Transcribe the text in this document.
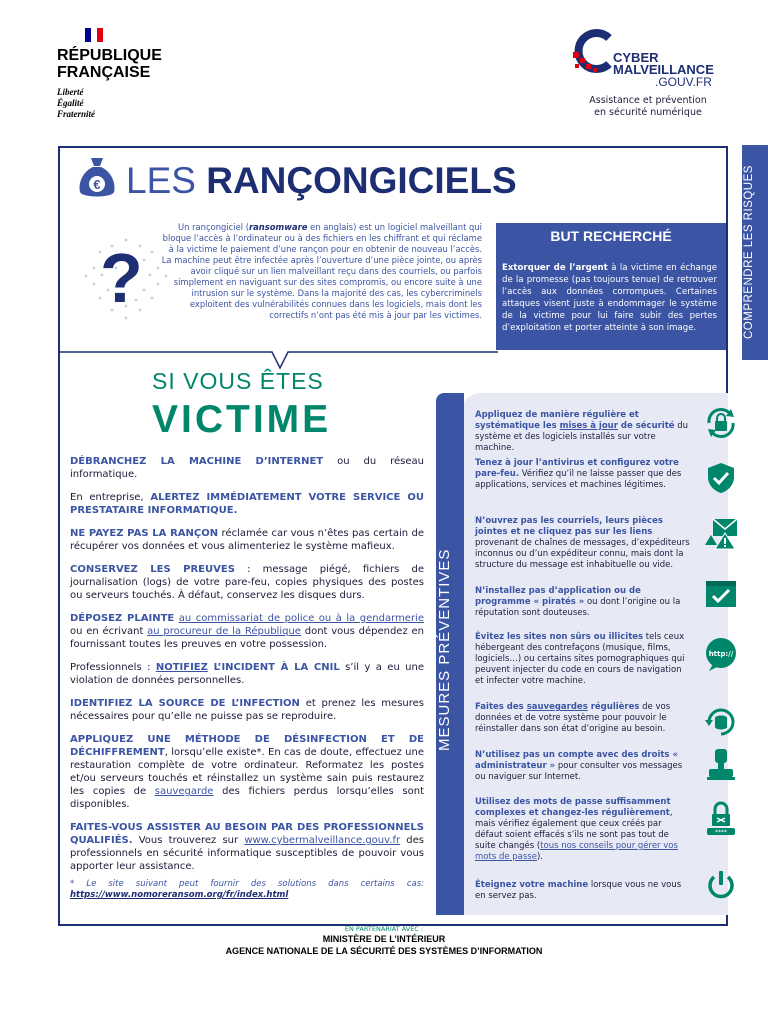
RÉPUBLIQUE
FRANÇAISE
Liberté
Égalité
Fraternité
CYBER
MALVEILLANCE
.GOUV.FR
Assistance et prévention
en sécurité numérique
COMPRENDRE LES RISQUES
€ LES RANÇONGICIELS
?
Un rançongiciel (ransomware en anglais) est un logiciel malveillant qui bloque l’accès à l’ordinateur ou à des fichiers en les chiffrant et qui réclame à la victime le paiement d’une rançon pour en obtenir de nouveau l’accès. La machine peut être infectée après l’ouverture d’une pièce jointe, ou après avoir cliqué sur un lien malveillant reçu dans des courriels, ou parfois simplement en naviguant sur des sites compromis, ou encore suite à une intrusion sur le système. Dans la majorité des cas, les cybercriminels exploitent des vulnérabilités connues dans les logiciels, mais dont les correctifs n’ont pas été mis à jour par les victimes.
BUT RECHERCHÉ
Extorquer de l’argent à la victime en échange de la promesse (pas toujours tenue) de retrouver l’accès aux données corrompues. Certaines attaques visent juste à endommager le système de la victime pour lui faire subir des pertes d’exploitation et porter atteinte à son image.
SI VOUS ÊTES
VICTIME

DÉBRANCHEZ LA MACHINE D’INTERNET ou du réseau informatique.

En entreprise, ALERTEZ IMMÉDIATEMENT VOTRE SERVICE OU PRESTATAIRE INFORMATIQUE.

NE PAYEZ PAS LA RANÇON réclamée car vous n’êtes pas certain de récupérer vos données et vous alimenteriez le système mafieux.

CONSERVEZ LES PREUVES : message piégé, fichiers de journalisation (logs) de votre pare-feu, copies physiques des postes ou serveurs touchés. À défaut, conservez les disques durs.

DÉPOSEZ PLAINTE au commissariat de police ou à la gendarmerie ou en écrivant au procureur de la République dont vous dépendez en fournissant toutes les preuves en votre possession.

Professionnels : NOTIFIEZ L’INCIDENT À LA CNIL s’il y a eu une violation de données personnelles.

IDENTIFIEZ LA SOURCE DE L’INFECTION et prenez les mesures nécessaires pour qu’elle ne puisse pas se reproduire.

APPLIQUEZ UNE MÉTHODE DE DÉSINFECTION ET DE DÉCHIFFREMENT, lorsqu’elle existe*. En cas de doute, effectuez une restauration complète de votre ordinateur. Reformatez les postes et/ou serveurs touchés et réinstallez un système sain puis restaurez les copies de sauvegarde des fichiers perdus lorsqu’elles sont disponibles.

FAITES-VOUS ASSISTER AU BESOIN PAR DES PROFESSIONNELS QUALIFIÉS. Vous trouverez sur www.cybermalveillance.gouv.fr des professionnels en sécurité informatique susceptibles de pouvoir vous apporter leur assistance.

* Le site suivant peut fournir des solutions dans certains cas: https://www.nomoreransom.org/fr/index.html
MESURES PRÉVENTIVES
Appliquez de manière régulière et systématique les mises à jour de sécurité du système et des logiciels installés sur votre machine.
Tenez à jour l’antivirus et configurez votre pare-feu. Vérifiez qu’il ne laisse passer que des applications, services et machines légitimes.
N’ouvrez pas les courriels, leurs pièces jointes et ne cliquez pas sur les liens provenant de chaînes de messages, d’expéditeurs inconnus ou d’un expéditeur connu, mais dont la structure du message est inhabituelle ou vide.
N’installez pas d’application ou de programme « piratés » ou dont l’origine ou la réputation sont douteuses.
Évitez les sites non sûrs ou illicites tels ceux hébergeant des contrefaçons (musique, films, logiciels…) ou certains sites pornographiques qui peuvent injecter du code en cours de navigation et infecter votre machine.
Faites des sauvegardes régulières de vos données et de votre système pour pouvoir le réinstaller dans son état d’origine au besoin.
N’utilisez pas un compte avec des droits « administrateur » pour consulter vos messages ou naviguer sur Internet.
Utilisez des mots de passe suffisamment complexes et changez-les régulièrement, mais vérifiez également que ceux créés par défaut soient effacés s’ils ne sont pas tout de suite changés (tous nos conseils pour gérer vos mots de passe).
Éteignez votre machine lorsque vous ne vous en servez pas.
http://
****
EN PARTENARIAT AVEC :
MINISTÈRE DE L’INTÉRIEUR
AGENCE NATIONALE DE LA SÉCURITÉ DES SYSTÈMES D’INFORMATION
